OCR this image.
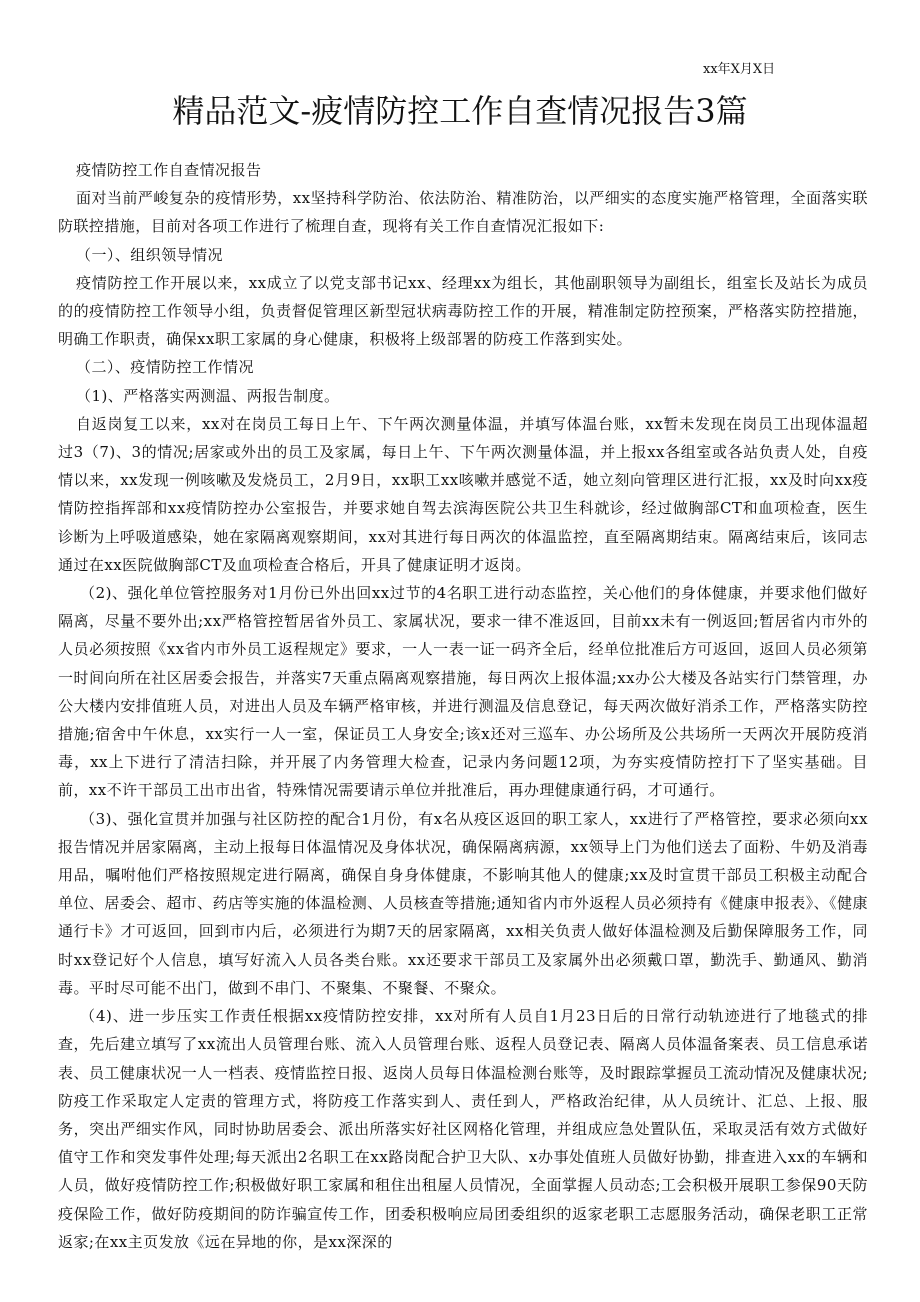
xx年X月X日
精品范文-疲情防控工作自查情况报告3篇

疫情防控工作自查情况报告

面对当前严峻复杂的疫情形势，xx坚持科学防治、依法防治、精准防治，以严细实的态度实施严格管理，全面落实联防联控措施，目前对各项工作进行了梳理自查，现将有关工作自查情况汇报如下:

（一）、组织领导情况

疫情防控工作开展以来，xx成立了以党支部书记xx、经理xx为组长，其他副职领导为副组长，组室长及站长为成员的的疫情防控工作领导小组，负责督促管理区新型冠状病毒防控工作的开展，精准制定防控预案，严格落实防控措施，明确工作职责，确保xx职工家属的身心健康，积极将上级部署的防疫工作落到实处。

（二）、疫情防控工作情况

（1)、严格落实两测温、两报告制度。

自返岗复工以来，xx对在岗员工每日上午、下午两次测量体温，并填写体温台账，xx暂未发现在岗员工出现体温超过3（7)、3的情况;居家或外出的员工及家属，每日上午、下午两次测量体温，并上报xx各组室或各站负责人处，自疫情以来，xx发现一例咳嗽及发烧员工，2月9日，xx职工xx咳嗽并感觉不适，她立刻向管理区进行汇报，xx及时向xx疫情防控指挥部和xx疫情防控办公室报告，并要求她自驾去滨海医院公共卫生科就诊，经过做胸部CT和血项检查，医生诊断为上呼吸道感染，她在家隔离观察期间，xx对其进行每日两次的体温监控，直至隔离期结束。隔离结束后，该同志通过在xx医院做胸部CT及血项检查合格后，开具了健康证明才返岗。

（2)、强化单位管控服务对1月份已外出回xx过节的4名职工进行动态监控，关心他们的身体健康，并要求他们做好隔离，尽量不要外出;xx严格管控暂居省外员工、家属状况，要求一律不准返回，目前xx未有一例返回;暂居省内市外的人员必须按照《xx省内市外员工返程规定》要求，一人一表一证一码齐全后，经单位批准后方可返回，返回人员必须第一时间向所在社区居委会报告，并落实7天重点隔离观察措施，每日两次上报体温;xx办公大楼及各站实行门禁管理，办公大楼内安排值班人员，对进出人员及车辆严格审核，并进行测温及信息登记，每天两次做好消杀工作，严格落实防控措施;宿舍中午休息，xx实行一人一室，保证员工人身安全;该x还对三巡车、办公场所及公共场所一天两次开展防疫消毒，xx上下进行了清洁扫除，并开展了内务管理大检查，记录内务问题12项，为夯实疫情防控打下了坚实基础。目前，xx不许干部员工出市出省，特殊情况需要请示单位并批准后，再办理健康通行码，才可通行。

（3)、强化宣贯并加强与社区防控的配合1月份，有x名从疫区返回的职工家人，xx进行了严格管控，要求必须向xx报告情况并居家隔离，主动上报每日体温情况及身体状况，确保隔离病源，xx领导上门为他们送去了面粉、牛奶及消毒用品，嘱咐他们严格按照规定进行隔离，确保自身身体健康，不影响其他人的健康;xx及时宣贯干部员工积极主动配合单位、居委会、超市、药店等实施的体温检测、人员核查等措施;通知省内市外返程人员必须持有《健康申报表》、《健康通行卡》才可返回，回到市内后，必须进行为期7天的居家隔离，xx相关负责人做好体温检测及后勤保障服务工作，同时xx登记好个人信息，填写好流入人员各类台账。xx还要求干部员工及家属外出必须戴口罩，勤洗手、勤通风、勤消毒。平时尽可能不出门，做到不串门、不聚集、不聚餐、不聚众。

（4)、进一步压实工作责任根据xx疫情防控安排，xx对所有人员自1月23日后的日常行动轨迹进行了地毯式的排查，先后建立填写了xx流出人员管理台账、流入人员管理台账、返程人员登记表、隔离人员体温备案表、员工信息承诺表、员工健康状况一人一档表、疫情监控日报、返岗人员每日体温检测台账等，及时跟踪掌握员工流动情况及健康状况;防疫工作采取定人定责的管理方式，将防疫工作落实到人、责任到人，严格政治纪律，从人员统计、汇总、上报、服务，突出严细实作风，同时协助居委会、派出所落实好社区网格化管理，并组成应急处置队伍，采取灵活有效方式做好值守工作和突发事件处理;每天派出2名职工在xx路岗配合护卫大队、x办事处值班人员做好协勤，排查进入xx的车辆和人员，做好疫情防控工作;积极做好职工家属和租住出租屋人员情况，全面掌握人员动态;工会积极开展职工参保90天防疫保险工作，做好防疫期间的防诈骗宣传工作，团委积极响应局团委组织的返家老职工志愿服务活动，确保老职工正常返家;在xx主页发放《远在异地的你，是xx深深的
